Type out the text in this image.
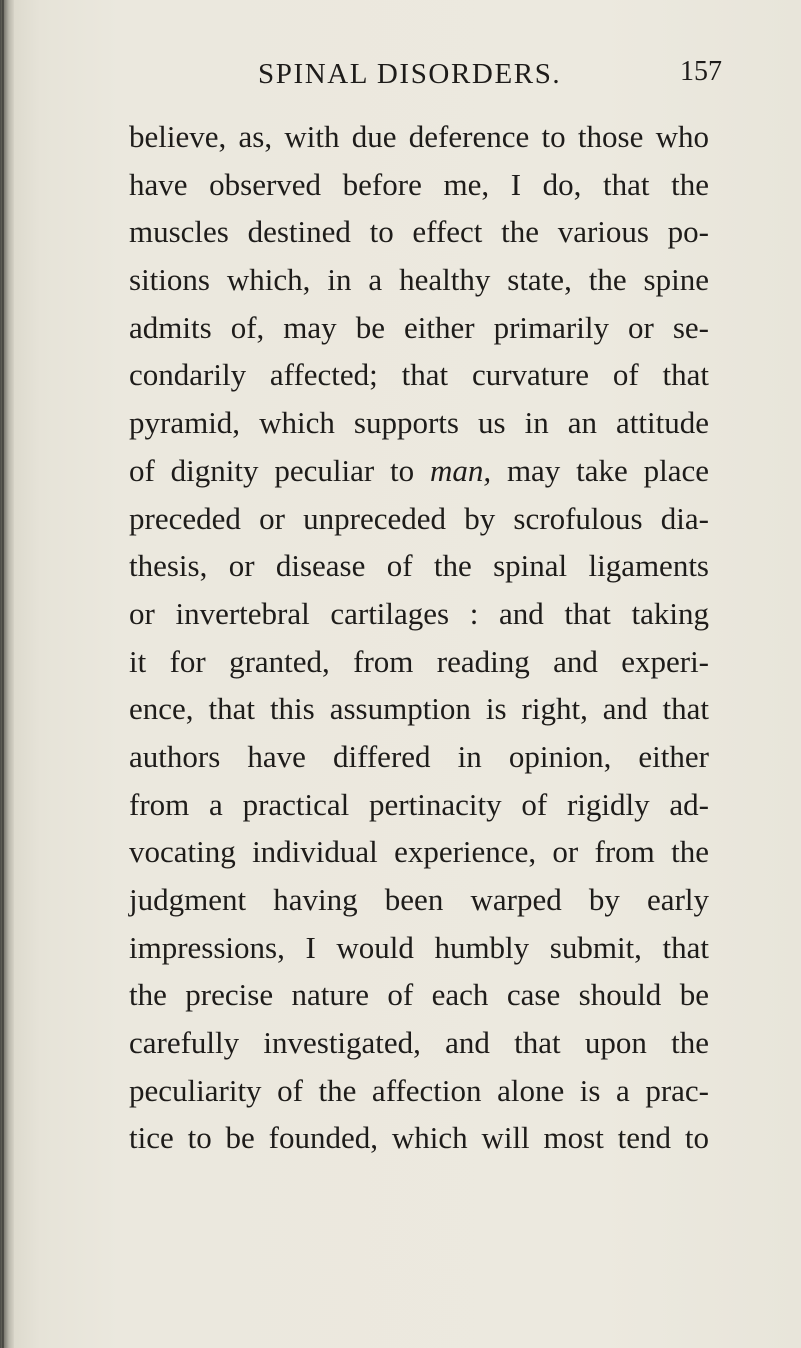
SPINAL DISORDERS.	157
believe, as, with due deference to those who
have observed before me, I do, that the
muscles destined to effect the various po-
sitions which, in a healthy state, the spine
admits of, may be either primarily or se-
condarily affected; that curvature of that
pyramid, which supports us in an attitude
of dignity peculiar to man, may take place
preceded or unpreceded by scrofulous dia-
thesis, or disease of the spinal ligaments
or invertebral cartilages : and that taking
it for granted, from reading and experi-
ence, that this assumption is right, and that
authors have differed in opinion, either
from a practical pertinacity of rigidly ad-
vocating individual experience, or from the
judgment having been warped by early
impressions, I would humbly submit, that
the precise nature of each case should be
carefully investigated, and that upon the
peculiarity of the affection alone is a prac-
tice to be founded, which will most tend to
